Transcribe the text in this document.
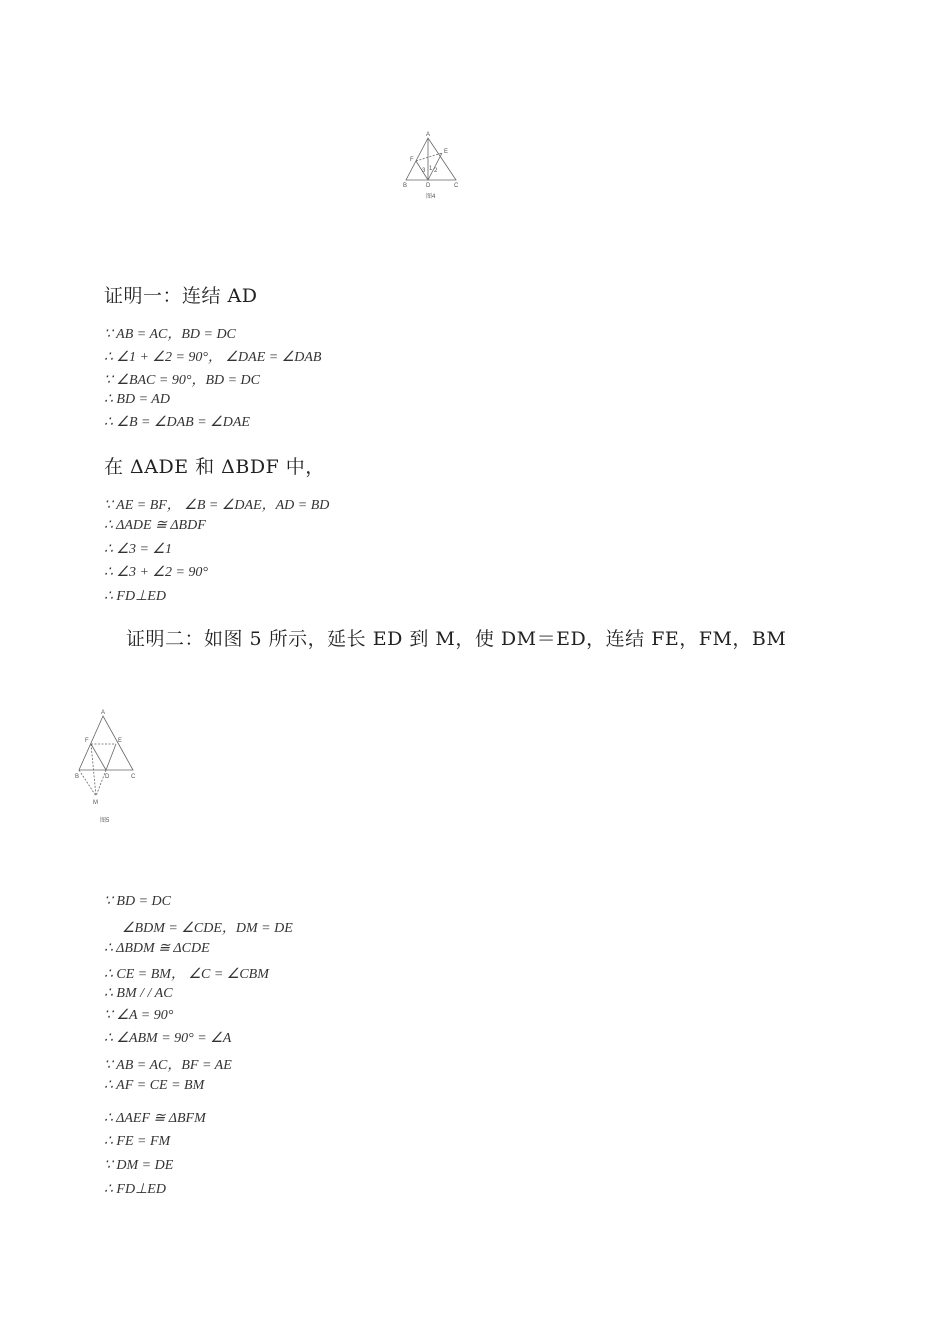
A
E
F
B	D	C
1 2
3
图4
证明一：连结 AD
∵ AB = AC，BD = DC
∴ ∠1 + ∠2 = 90°， ∠DAE = ∠DAB
∵ ∠BAC = 90°，BD = DC
∴ BD = AD
∴ ∠B = ∠DAB = ∠DAE
在 ΔADE 和 ΔBDF 中，
∵ AE = BF， ∠B = ∠DAE，AD = BD
∴ ΔADE ≅ ΔBDF
∴ ∠3 = ∠1
∴ ∠3 + ∠2 = 90°
∴ FD⊥ED
证明二：如图 5 所示，延长 ED 到 M，使 DM＝ED，连结 FE，FM，BM
A
F	E
B	D	C
M
图5
∵ BD = DC
∠BDM = ∠CDE，DM = DE
∴ ΔBDM ≅ ΔCDE
∴ CE = BM， ∠C = ∠CBM
∴ BM / / AC
∵ ∠A = 90°
∴ ∠ABM = 90° = ∠A
∵ AB = AC，BF = AE
∴ AF = CE = BM
∴ ΔAEF ≅ ΔBFM
∴ FE = FM
∵ DM = DE
∴ FD⊥ED
